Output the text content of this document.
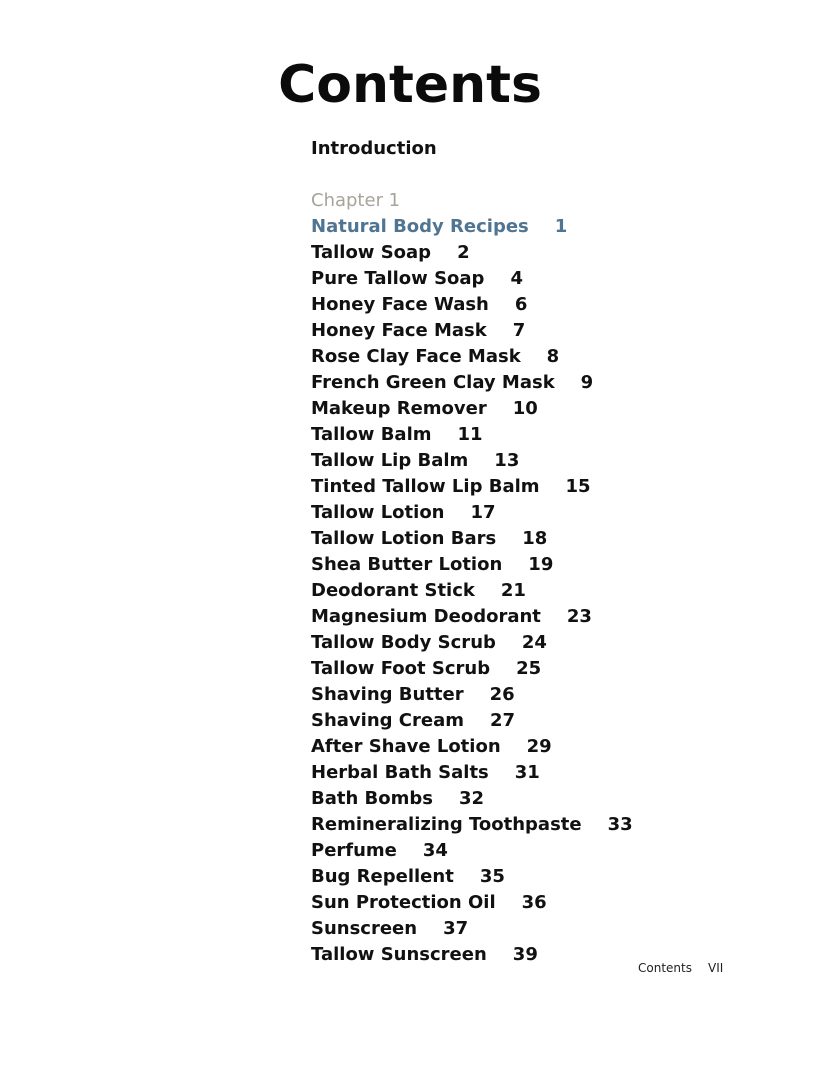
Contents
Introduction
Chapter 1
Natural Body Recipes 1
Tallow Soap 2
Pure Tallow Soap 4
Honey Face Wash 6
Honey Face Mask 7
Rose Clay Face Mask 8
French Green Clay Mask 9
Makeup Remover 10
Tallow Balm 11
Tallow Lip Balm 13
Tinted Tallow Lip Balm 15
Tallow Lotion 17
Tallow Lotion Bars 18
Shea Butter Lotion 19
Deodorant Stick 21
Magnesium Deodorant 23
Tallow Body Scrub 24
Tallow Foot Scrub 25
Shaving Butter 26
Shaving Cream 27
After Shave Lotion 29
Herbal Bath Salts 31
Bath Bombs 32
Remineralizing Toothpaste 33
Perfume 34
Bug Repellent 35
Sun Protection Oil 36
Sunscreen 37
Tallow Sunscreen 39
Contents VII
